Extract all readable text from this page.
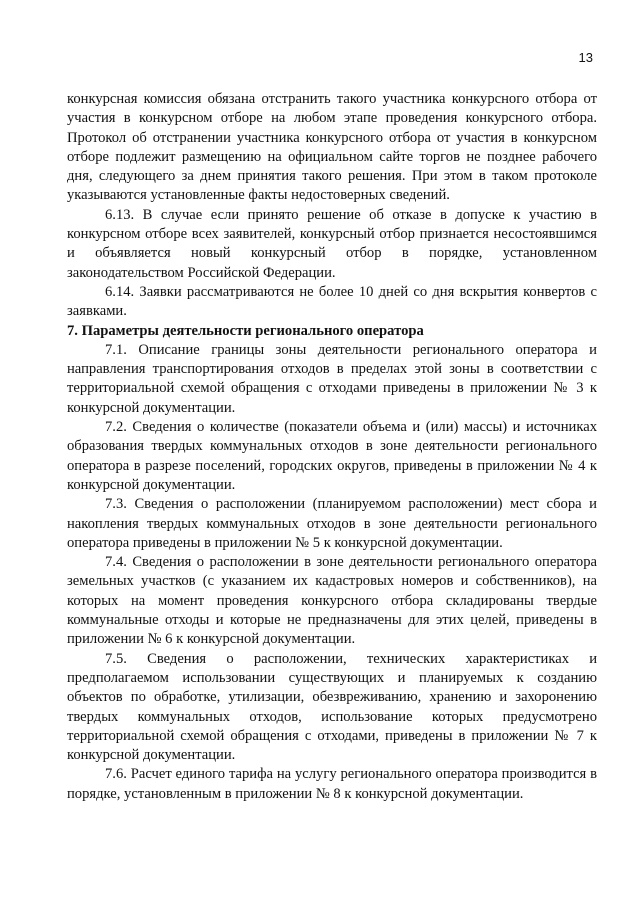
13

конкурсная комиссия обязана отстранить такого участника конкурсного отбора от участия в конкурсном отборе на любом этапе проведения конкурсного отбора. Протокол об отстранении участника конкурсного отбора от участия в конкурсном отборе подлежит размещению на официальном сайте торгов не позднее рабочего дня, следующего за днем принятия такого решения. При этом в таком протоколе указываются установленные факты недостоверных сведений.

6.13. В случае если принято решение об отказе в допуске к участию в конкурсном отборе всех заявителей, конкурсный отбор признается несостоявшимся и объявляется новый конкурсный отбор в порядке, установленном законодательством Российской Федерации.

6.14. Заявки рассматриваются не более 10 дней со дня вскрытия конвертов с заявками.

7. Параметры деятельности регионального оператора

7.1. Описание границы зоны деятельности регионального оператора и направления транспортирования отходов в пределах этой зоны в соответствии с территориальной схемой обращения с отходами приведены в приложении № 3 к конкурсной документации.

7.2. Сведения о количестве (показатели объема и (или) массы) и источниках образования твердых коммунальных отходов в зоне деятельности регионального оператора в разрезе поселений, городских округов, приведены в приложении № 4 к конкурсной документации.

7.3. Сведения о расположении (планируемом расположении) мест сбора и накопления твердых коммунальных отходов в зоне деятельности регионального оператора приведены в приложении № 5 к конкурсной документации.

7.4. Сведения о расположении в зоне деятельности регионального оператора земельных участков (с указанием их кадастровых номеров и собственников), на которых на момент проведения конкурсного отбора складированы твердые коммунальные отходы и которые не предназначены для этих целей, приведены в приложении № 6 к конкурсной документации.

7.5. Сведения о расположении, технических характеристиках и предполагаемом использовании существующих и планируемых к созданию объектов по обработке, утилизации, обезвреживанию, хранению и захоронению твердых коммунальных отходов, использование которых предусмотрено территориальной схемой обращения с отходами, приведены в приложении № 7 к конкурсной документации.

7.6. Расчет единого тарифа на услугу регионального оператора производится в порядке, установленным в приложении № 8 к конкурсной документации.
